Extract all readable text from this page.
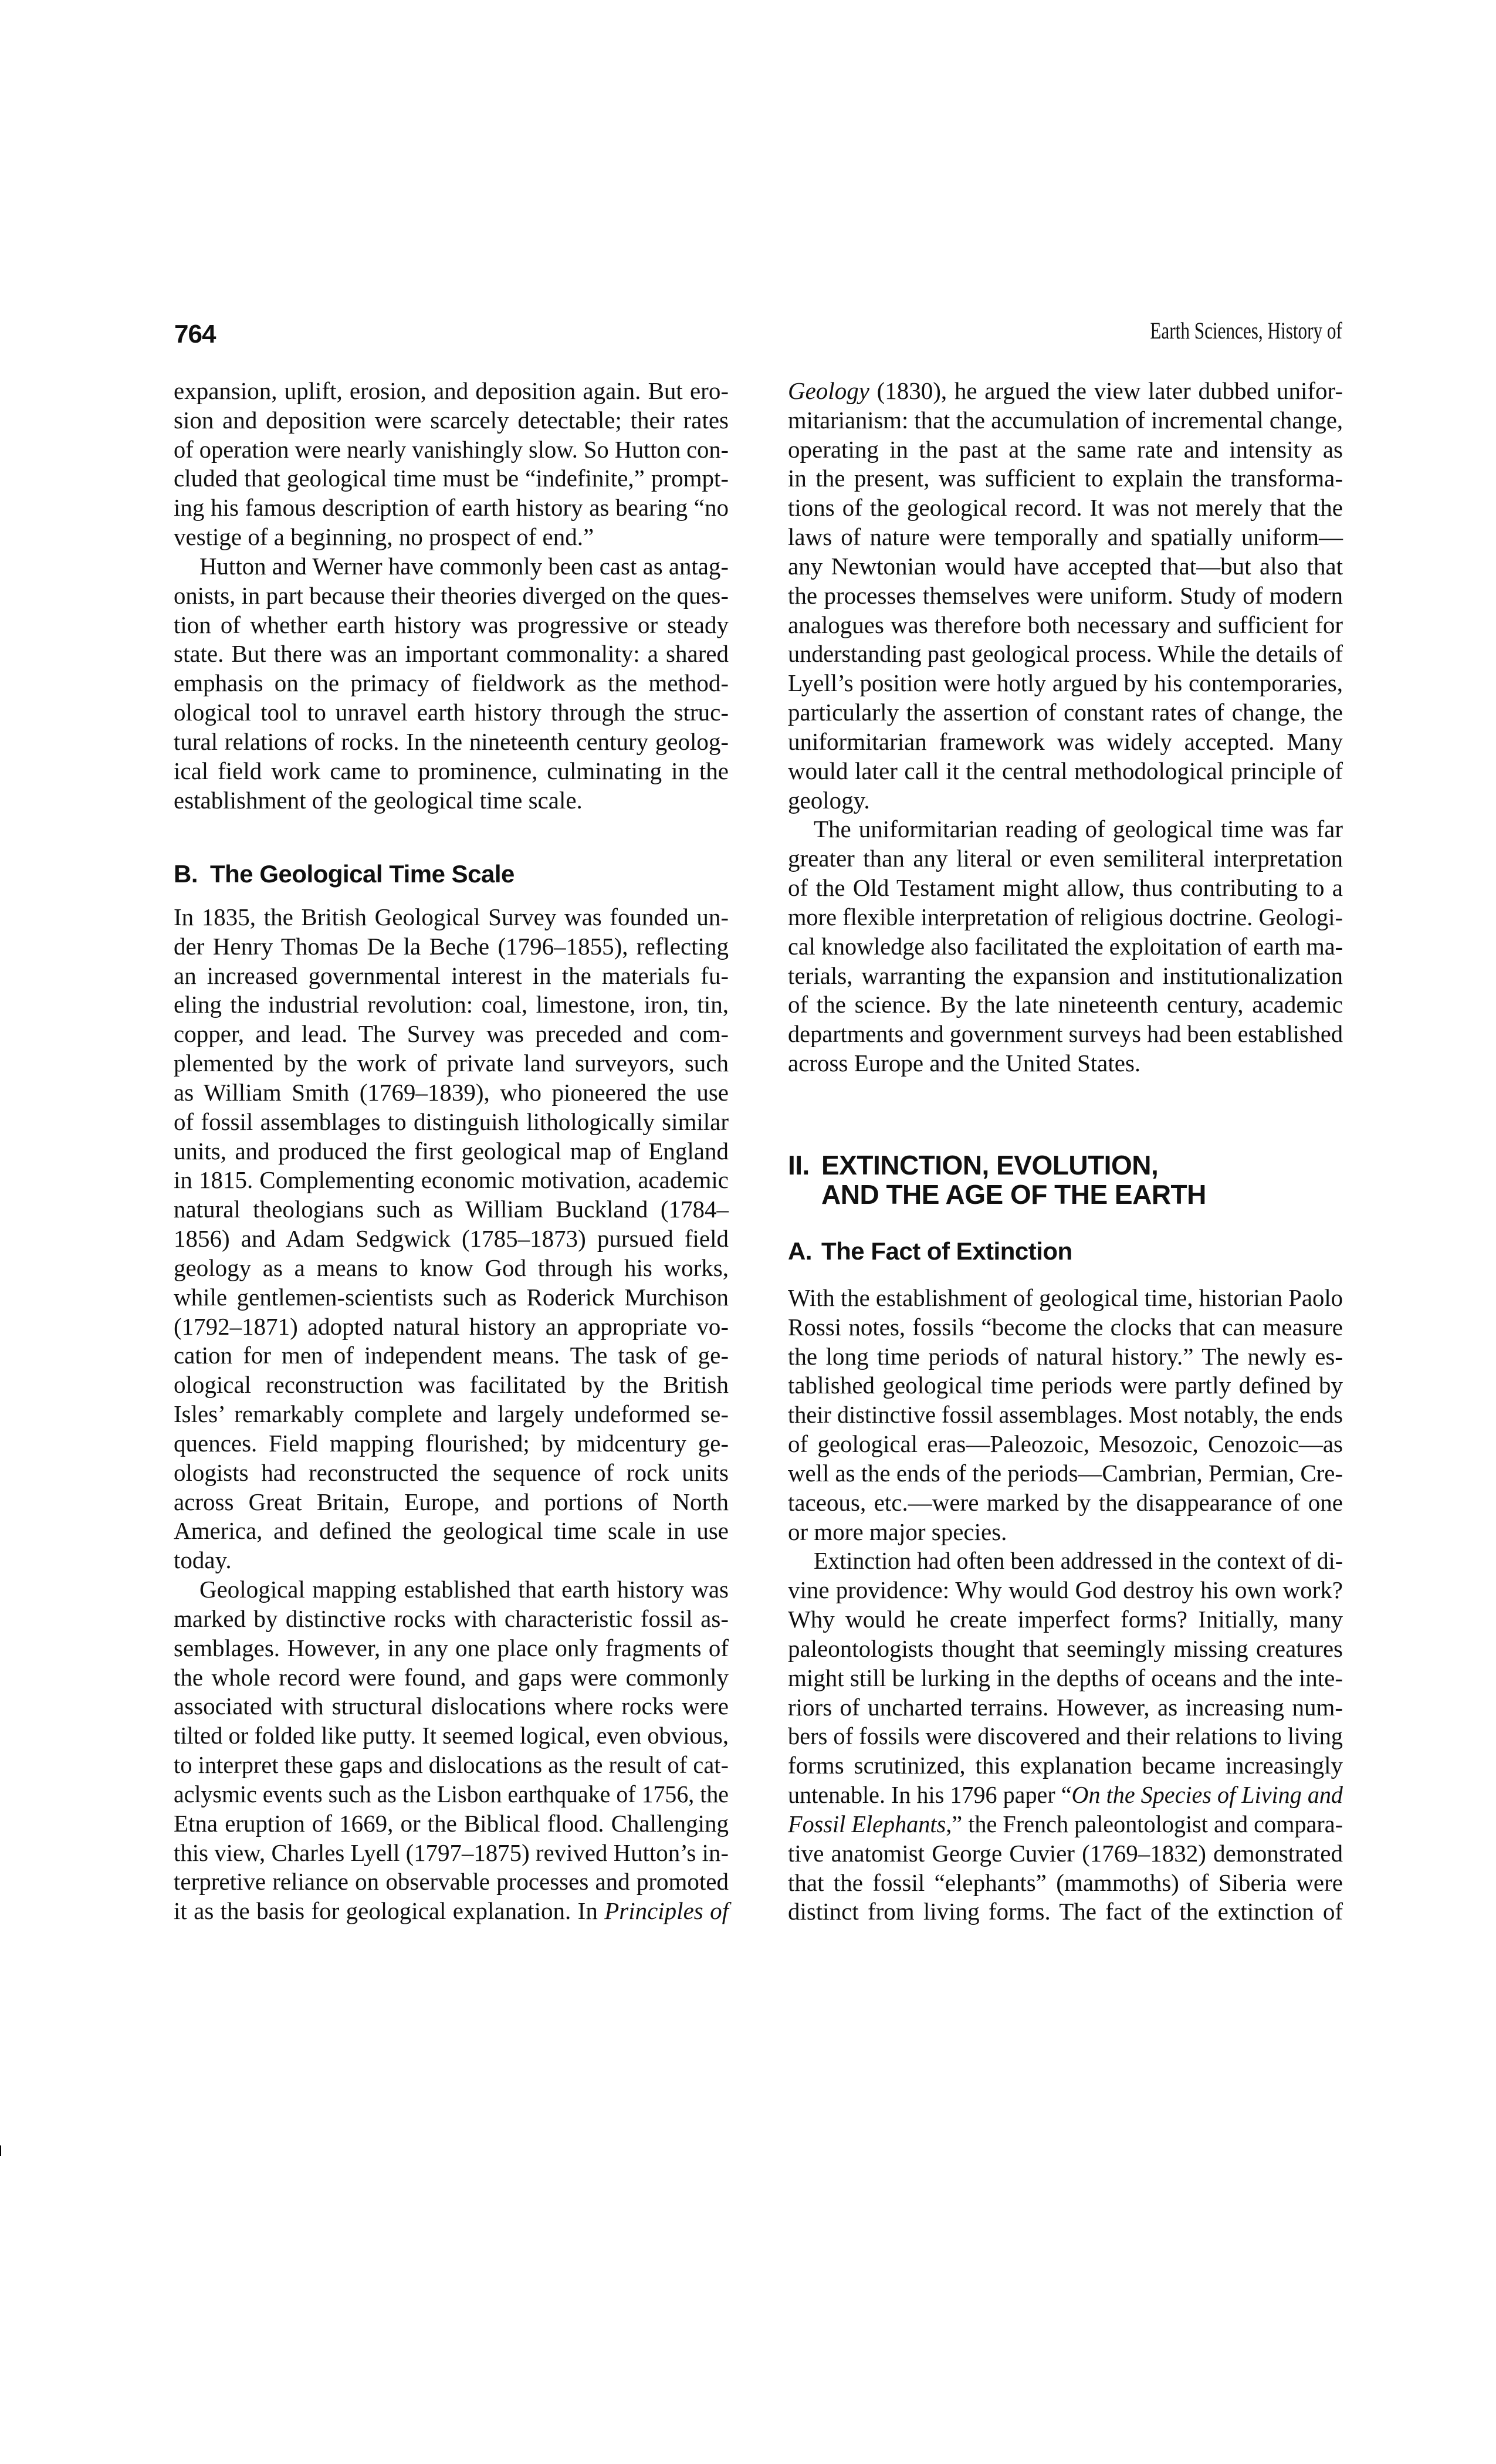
764	Earth Sciences, History of
expansion, uplift, erosion, and deposition again. But ero-
sion and deposition were scarcely detectable; their rates
of operation were nearly vanishingly slow. So Hutton con-
cluded that geological time must be “indefinite,” prompt-
ing his famous description of earth history as bearing “no
vestige of a beginning, no prospect of end.”
Hutton and Werner have commonly been cast as antag-
onists, in part because their theories diverged on the ques-
tion of whether earth history was progressive or steady
state. But there was an important commonality: a shared
emphasis on the primacy of fieldwork as the method-
ological tool to unravel earth history through the struc-
tural relations of rocks. In the nineteenth century geolog-
ical field work came to prominence, culminating in the
establishment of the geological time scale.
B. The Geological Time Scale
In 1835, the British Geological Survey was founded un-
der Henry Thomas De la Beche (1796–1855), reflecting
an increased governmental interest in the materials fu-
eling the industrial revolution: coal, limestone, iron, tin,
copper, and lead. The Survey was preceded and com-
plemented by the work of private land surveyors, such
as William Smith (1769–1839), who pioneered the use
of fossil assemblages to distinguish lithologically similar
units, and produced the first geological map of England
in 1815. Complementing economic motivation, academic
natural theologians such as William Buckland (1784–
1856) and Adam Sedgwick (1785–1873) pursued field
geology as a means to know God through his works,
while gentlemen-scientists such as Roderick Murchison
(1792–1871) adopted natural history an appropriate vo-
cation for men of independent means. The task of ge-
ological reconstruction was facilitated by the British
Isles’ remarkably complete and largely undeformed se-
quences. Field mapping flourished; by midcentury ge-
ologists had reconstructed the sequence of rock units
across Great Britain, Europe, and portions of North
America, and defined the geological time scale in use
today.
Geological mapping established that earth history was
marked by distinctive rocks with characteristic fossil as-
semblages. However, in any one place only fragments of
the whole record were found, and gaps were commonly
associated with structural dislocations where rocks were
tilted or folded like putty. It seemed logical, even obvious,
to interpret these gaps and dislocations as the result of cat-
aclysmic events such as the Lisbon earthquake of 1756, the
Etna eruption of 1669, or the Biblical flood. Challenging
this view, Charles Lyell (1797–1875) revived Hutton’s in-
terpretive reliance on observable processes and promoted
it as the basis for geological explanation. In Principles of
Geology (1830), he argued the view later dubbed unifor-
mitarianism: that the accumulation of incremental change,
operating in the past at the same rate and intensity as
in the present, was sufficient to explain the transforma-
tions of the geological record. It was not merely that the
laws of nature were temporally and spatially uniform—
any Newtonian would have accepted that—but also that
the processes themselves were uniform. Study of modern
analogues was therefore both necessary and sufficient for
understanding past geological process. While the details of
Lyell’s position were hotly argued by his contemporaries,
particularly the assertion of constant rates of change, the
uniformitarian framework was widely accepted. Many
would later call it the central methodological principle of
geology.
The uniformitarian reading of geological time was far
greater than any literal or even semiliteral interpretation
of the Old Testament might allow, thus contributing to a
more flexible interpretation of religious doctrine. Geologi-
cal knowledge also facilitated the exploitation of earth ma-
terials, warranting the expansion and institutionalization
of the science. By the late nineteenth century, academic
departments and government surveys had been established
across Europe and the United States.
II. EXTINCTION, EVOLUTION,
AND THE AGE OF THE EARTH
A. The Fact of Extinction
With the establishment of geological time, historian Paolo
Rossi notes, fossils “become the clocks that can measure
the long time periods of natural history.” The newly es-
tablished geological time periods were partly defined by
their distinctive fossil assemblages. Most notably, the ends
of geological eras—Paleozoic, Mesozoic, Cenozoic—as
well as the ends of the periods—Cambrian, Permian, Cre-
taceous, etc.—were marked by the disappearance of one
or more major species.
Extinction had often been addressed in the context of di-
vine providence: Why would God destroy his own work?
Why would he create imperfect forms? Initially, many
paleontologists thought that seemingly missing creatures
might still be lurking in the depths of oceans and the inte-
riors of uncharted terrains. However, as increasing num-
bers of fossils were discovered and their relations to living
forms scrutinized, this explanation became increasingly
untenable. In his 1796 paper “On the Species of Living and
Fossil Elephants,” the French paleontologist and compara-
tive anatomist George Cuvier (1769–1832) demonstrated
that the fossil “elephants” (mammoths) of Siberia were
distinct from living forms. The fact of the extinction of
